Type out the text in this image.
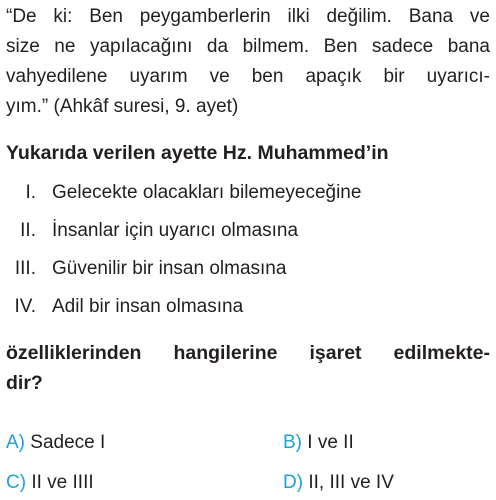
“De ki: Ben peygamberlerin ilki değilim. Bana ve
size ne yapılacağını da bilmem. Ben sadece bana
vahyedilene uyarım ve ben apaçık bir uyarıcı-
yım.” (Ahkâf suresi, 9. ayet)
Yukarıda verilen ayette Hz. Muhammed’in
I. Gelecekte olacakları bilemeyeceğine
II. İnsanlar için uyarıcı olmasına
III. Güvenilir bir insan olmasına
IV. Adil bir insan olmasına
özelliklerinden hangilerine işaret edilmekte-
dir?
A) Sadece I	B) I ve II
C) II ve IIII	D) II, III ve IV
